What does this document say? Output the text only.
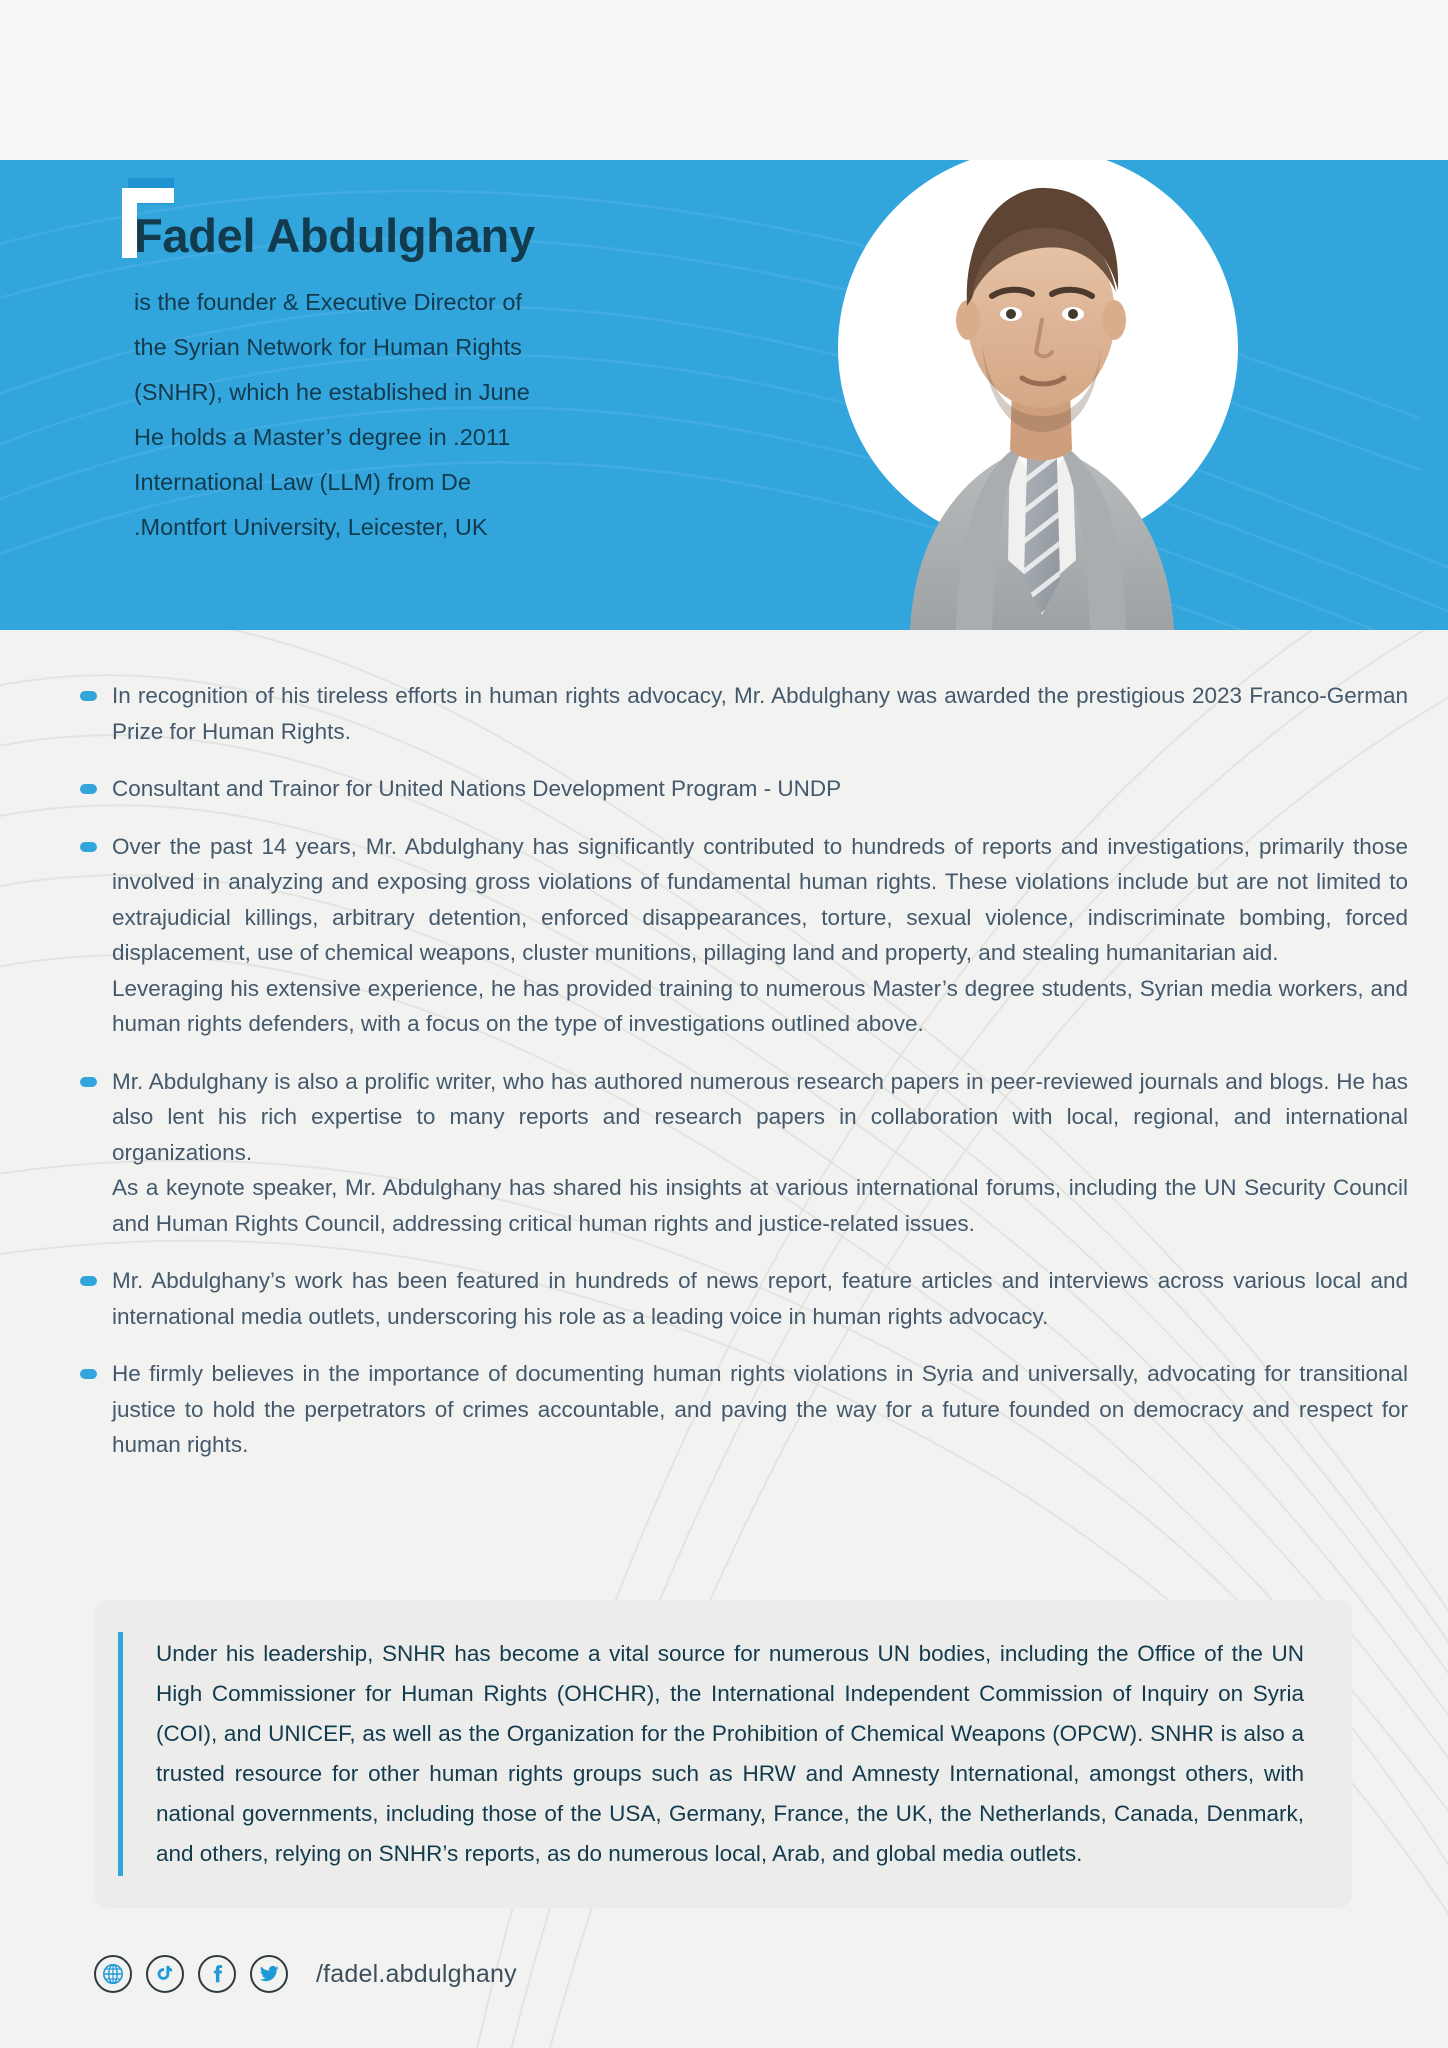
Fadel Abdulghany
is the founder & Executive Director of
the Syrian Network for Human Rights
(SNHR), which he established in June
He holds a Master’s degree in .2011
International Law (LLM) from De
.Montfort University, Leicester, UK
In recognition of his tireless efforts in human rights advocacy, Mr. Abdulghany was awarded the prestigious 2023 Franco-German Prize for Human Rights.
Consultant and Trainor for United Nations Development Program - UNDP
Over the past 14 years, Mr. Abdulghany has significantly contributed to hundreds of reports and investigations, primarily those involved in analyzing and exposing gross violations of fundamental human rights. These violations include but are not limited to extrajudicial killings, arbitrary detention, enforced disappearances, torture, sexual violence, indiscriminate bombing, forced displacement, use of chemical weapons, cluster munitions, pillaging land and property, and stealing humanitarian aid.
Leveraging his extensive experience, he has provided training to numerous Master’s degree students, Syrian media workers, and human rights defenders, with a focus on the type of investigations outlined above.
Mr. Abdulghany is also a prolific writer, who has authored numerous research papers in peer-reviewed journals and blogs. He has also lent his rich expertise to many reports and research papers in collaboration with local, regional, and international organizations.
As a keynote speaker, Mr. Abdulghany has shared his insights at various international forums, including the UN Security Council and Human Rights Council, addressing critical human rights and justice-related issues.
Mr. Abdulghany’s work has been featured in hundreds of news report, feature articles and interviews across various local and international media outlets, underscoring his role as a leading voice in human rights advocacy.
He firmly believes in the importance of documenting human rights violations in Syria and universally, advocating for transitional justice to hold the perpetrators of crimes accountable, and paving the way for a future founded on democracy and respect for human rights.
Under his leadership, SNHR has become a vital source for numerous UN bodies, including the Office of the UN High Commissioner for Human Rights (OHCHR), the International Independent Commission of Inquiry on Syria (COI), and UNICEF, as well as the Organization for the Prohibition of Chemical Weapons (OPCW). SNHR is also a trusted resource for other human rights groups such as HRW and Amnesty International, amongst others, with national governments, including those of the USA, Germany, France, the UK, the Netherlands, Canada, Denmark, and others, relying on SNHR’s reports, as do numerous local, Arab, and global media outlets.
/fadel.abdulghany
